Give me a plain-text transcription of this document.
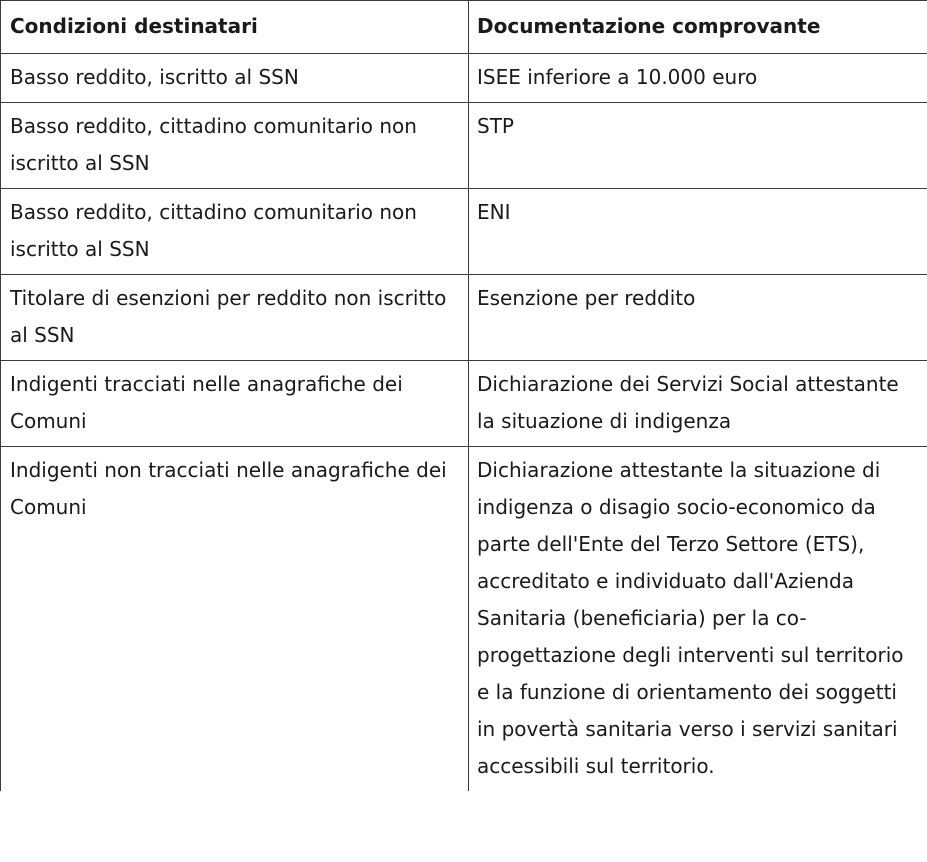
Condizioni destinatari	Documentazione comprovante
Basso reddito, iscritto al SSN	ISEE inferiore a 10.000 euro
Basso reddito, cittadino comunitario non iscritto al SSN	STP
Basso reddito, cittadino comunitario non iscritto al SSN	ENI
Titolare di esenzioni per reddito non iscritto al SSN	Esenzione per reddito
Indigenti tracciati nelle anagrafiche dei Comuni	Dichiarazione dei Servizi Social attestante la situazione di indigenza
Indigenti non tracciati nelle anagrafiche dei Comuni	Dichiarazione attestante la situazione di indigenza o disagio socio-economico da parte dell'Ente del Terzo Settore (ETS), accreditato e individuato dall'Azienda Sanitaria (beneficiaria) per la co-progettazione degli interventi sul territorio e la funzione di orientamento dei soggetti in povertà sanitaria verso i servizi sanitari accessibili sul territorio.
